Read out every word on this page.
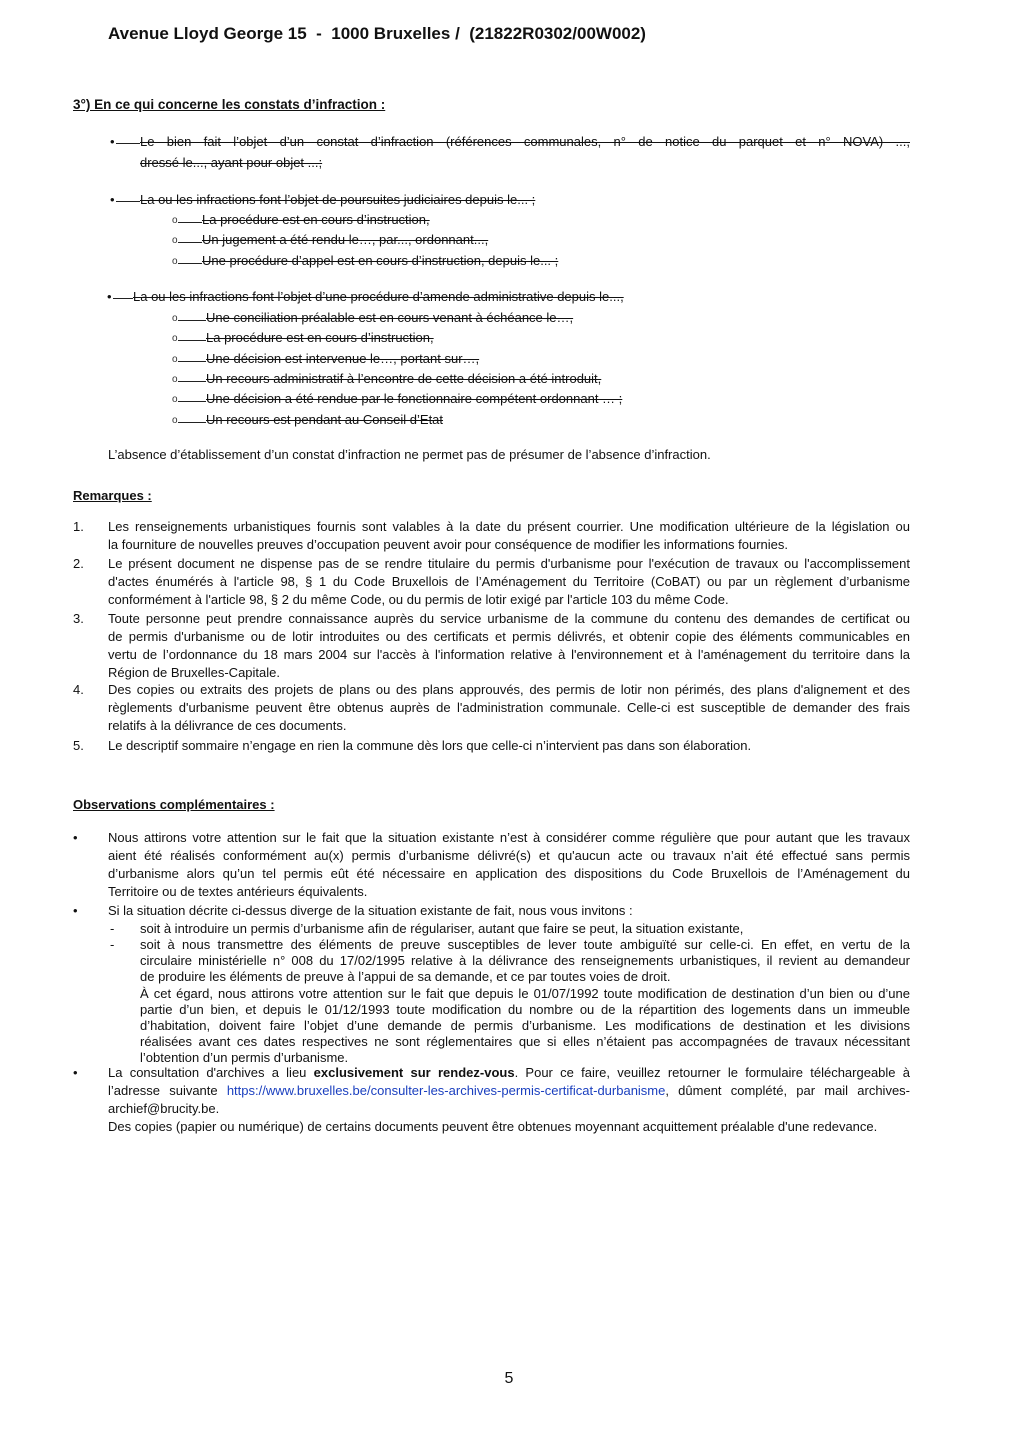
Avenue Lloyd George 15  -  1000 Bruxelles /  (21822R0302/00W002)
3°) En ce qui concerne les constats d’infraction :
• Le bien fait l’objet d’un constat d’infraction (références communales, n° de notice du parquet et n° NOVA) ...,
dressé le..., ayant pour objet ...;
• La ou les infractions font l’objet de poursuites judiciaires depuis le... ;
o La procédure est en cours d’instruction,
o Un jugement a été rendu le…, par..., ordonnant...,
o Une procédure d’appel est en cours d’instruction, depuis le... ;
• La ou les infractions font l’objet d’une procédure d’amende administrative depuis le...,
o Une conciliation préalable est en cours venant à échéance le…,
o La procédure est en cours d’instruction,
o Une décision est intervenue le…, portant sur…,
o Un recours administratif à l’encontre de cette décision a été introduit,
o Une décision a été rendue par le fonctionnaire compétent ordonnant … ;
o Un recours est pendant au Conseil d’Etat
L’absence d’établissement d’un constat d’infraction ne permet pas de présumer de l’absence d’infraction.
Remarques :
1. Les renseignements urbanistiques fournis sont valables à la date du présent courrier. Une modification ultérieure de la législation ou
la fourniture de nouvelles preuves d’occupation peuvent avoir pour conséquence de modifier les informations fournies.
2. Le présent document ne dispense pas de se rendre titulaire du permis d'urbanisme pour l'exécution de travaux ou l'accomplissement
d'actes énumérés à l'article 98, § 1 du Code Bruxellois de l’Aménagement du Territoire (CoBAT) ou par un règlement d’urbanisme
conformément à l'article 98, § 2 du même Code, ou du permis de lotir exigé par l'article 103 du même Code.
3. Toute personne peut prendre connaissance auprès du service urbanisme de la commune du contenu des demandes de certificat ou
de permis d'urbanisme ou de lotir introduites ou des certificats et permis délivrés, et obtenir copie des éléments communicables en
vertu de l’ordonnance du 18 mars 2004 sur l'accès à l'information relative à l'environnement et à l'aménagement du territoire dans la
Région de Bruxelles-Capitale.
4. Des copies ou extraits des projets de plans ou des plans approuvés, des permis de lotir non périmés, des plans d'alignement et des
règlements d'urbanisme peuvent être obtenus auprès de l'administration communale. Celle-ci est susceptible de demander des frais
relatifs à la délivrance de ces documents.
5. Le descriptif sommaire n’engage en rien la commune dès lors que celle-ci n’intervient pas dans son élaboration.
Observations complémentaires :
• Nous attirons votre attention sur le fait que la situation existante n’est à considérer comme régulière que pour autant que les travaux
aient été réalisés conformément au(x) permis d’urbanisme délivré(s) et qu'aucun acte ou travaux n’ait été effectué sans permis
d’urbanisme alors qu’un tel permis eût été nécessaire en application des dispositions du Code Bruxellois de l’Aménagement du
Territoire ou de textes antérieurs équivalents.
• Si la situation décrite ci-dessus diverge de la situation existante de fait, nous vous invitons :
- soit à introduire un permis d’urbanisme afin de régulariser, autant que faire se peut, la situation existante,
- soit à nous transmettre des éléments de preuve susceptibles de lever toute ambiguïté sur celle-ci. En effet, en vertu de la
circulaire ministérielle n° 008 du 17/02/1995 relative à la délivrance des renseignements urbanistiques, il revient au demandeur
de produire les éléments de preuve à l’appui de sa demande, et ce par toutes voies de droit.
À cet égard, nous attirons votre attention sur le fait que depuis le 01/07/1992 toute modification de destination d’un bien ou d’une
partie d’un bien, et depuis le 01/12/1993 toute modification du nombre ou de la répartition des logements dans un immeuble
d’habitation, doivent faire l’objet d’une demande de permis d’urbanisme. Les modifications de destination et les divisions
réalisées avant ces dates respectives ne sont réglementaires que si elles n’étaient pas accompagnées de travaux nécessitant
l’obtention d’un permis d’urbanisme.
• La consultation d'archives a lieu exclusivement sur rendez-vous. Pour ce faire, veuillez retourner le formulaire téléchargeable à
l’adresse suivante https://www.bruxelles.be/consulter-les-archives-permis-certificat-durbanisme, dûment complété, par mail archives-
archief@brucity.be.
Des copies (papier ou numérique) de certains documents peuvent être obtenues moyennant acquittement préalable d'une redevance.
5
